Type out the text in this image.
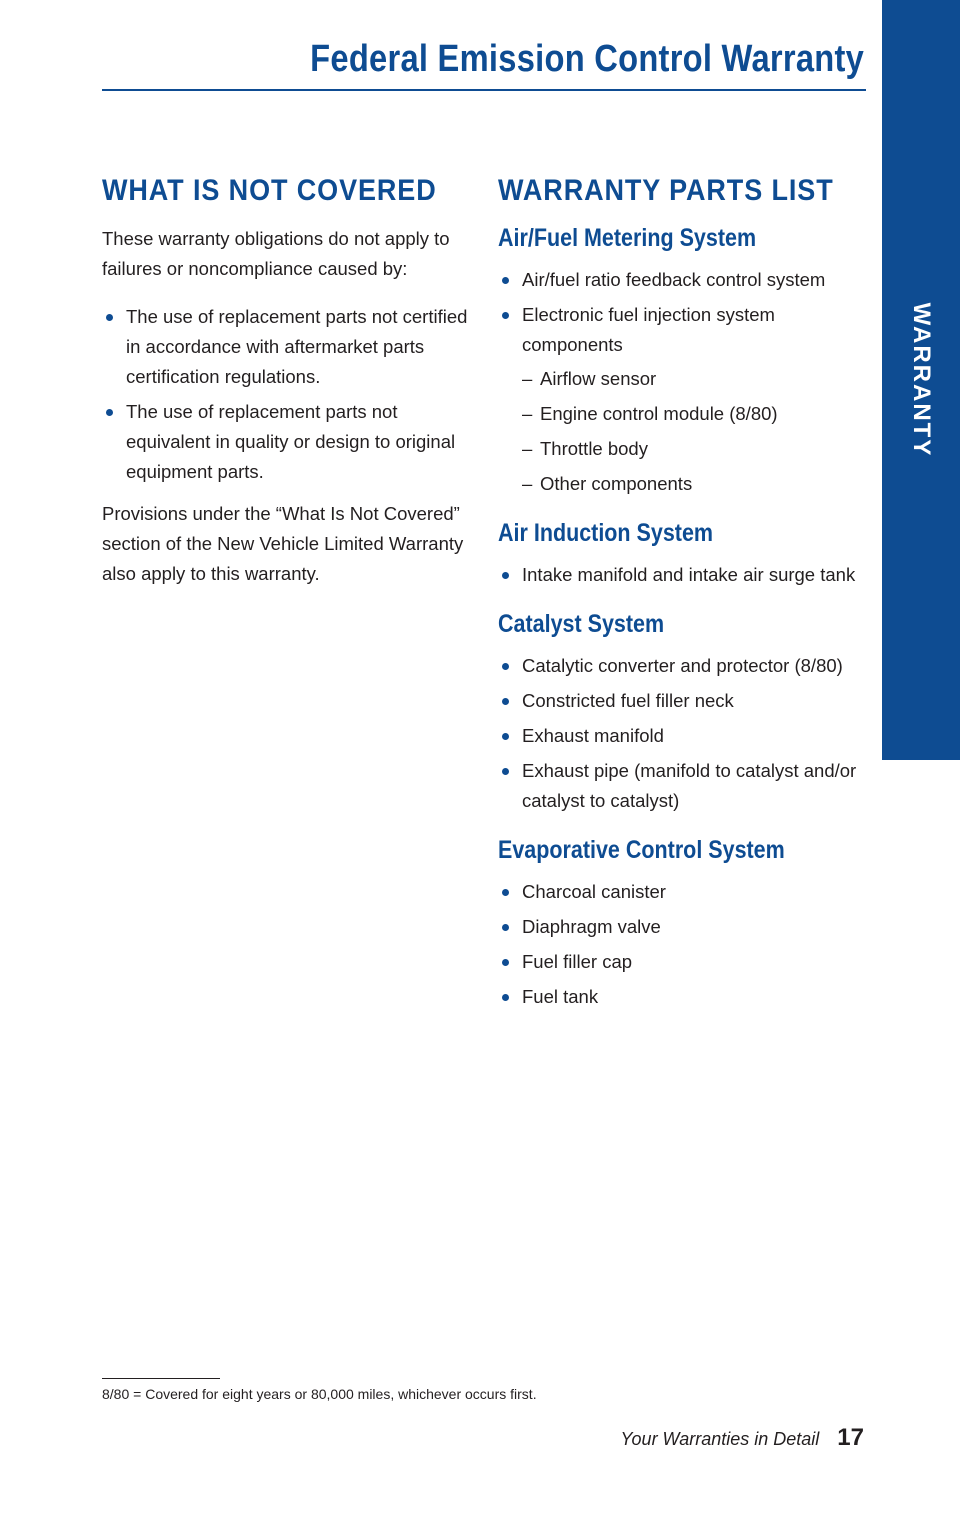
Federal Emission Control Warranty
WARRANTY
WHAT IS NOT COVERED

These warranty obligations do not apply to failures or noncompliance caused by:

The use of replacement parts not certified in accordance with aftermarket parts certification regulations.
The use of replacement parts not equivalent in quality or design to original equipment parts.

Provisions under the “What Is Not Covered” section of the New Vehicle Limited Warranty also apply to this warranty.

WARRANTY PARTS LIST
Air/Fuel Metering System
Air/fuel ratio feedback control system
Electronic fuel injection system components
– Airflow sensor
– Engine control module (8/80)
– Throttle body
– Other components
Air Induction System
Intake manifold and intake air surge tank
Catalyst System
Catalytic converter and protector (8/80)
Constricted fuel filler neck
Exhaust manifold
Exhaust pipe (manifold to catalyst and/or catalyst to catalyst)
Evaporative Control System
Charcoal canister
Diaphragm valve
Fuel filler cap
Fuel tank
8/80 = Covered for eight years or 80,000 miles, whichever occurs first.
Your Warranties in Detail 17
